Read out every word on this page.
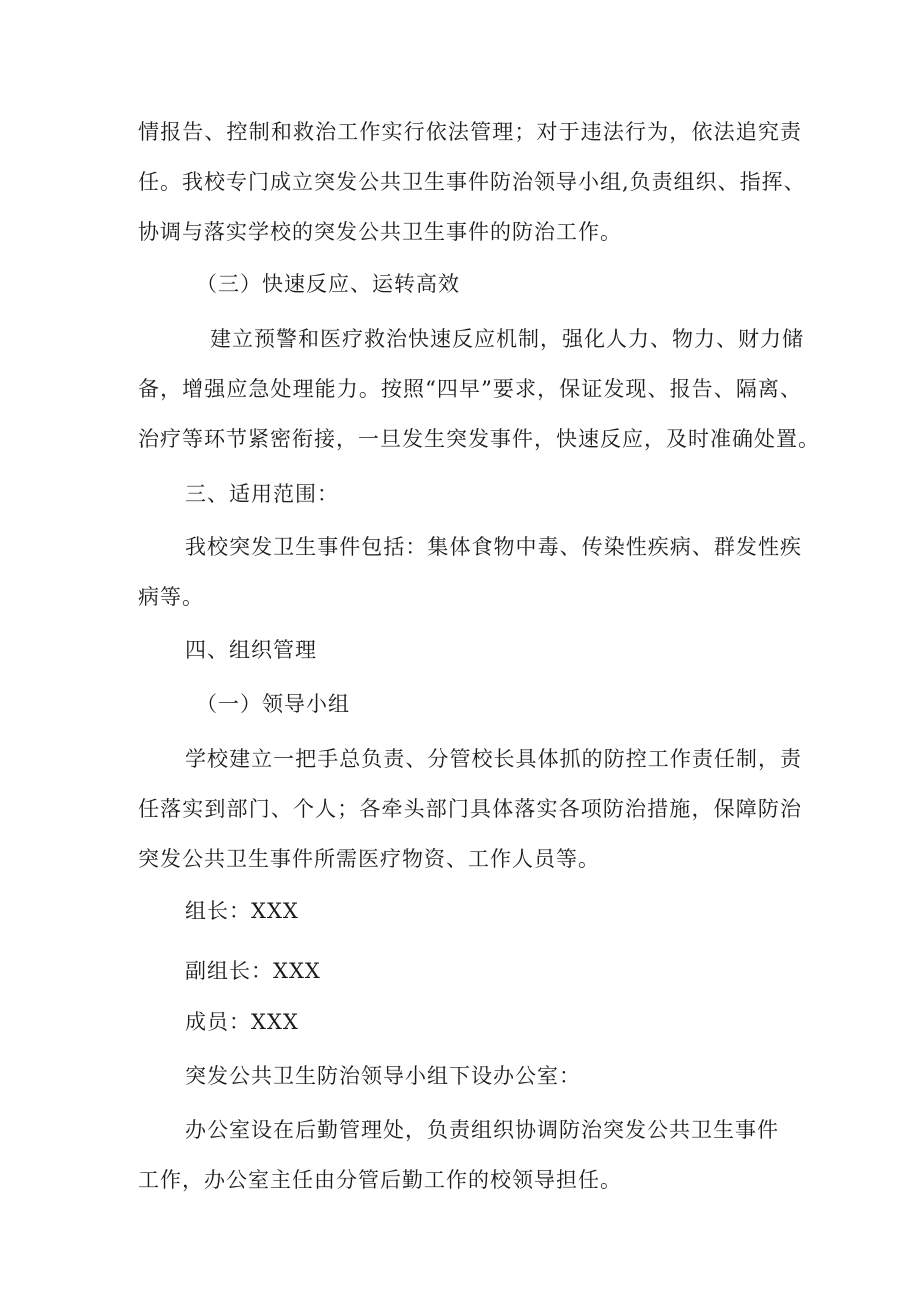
情报告、控制和救治工作实行依法管理；对于违法行为，依法追究责
任。我校专门成立突发公共卫生事件防治领导小组,负责组织、指挥、
协调与落实学校的突发公共卫生事件的防治工作。
（三）快速反应、运转高效
建立预警和医疗救治快速反应机制，强化人力、物力、财力储
备，增强应急处理能力。按照“四早”要求，保证发现、报告、隔离、
治疗等环节紧密衔接，一旦发生突发事件，快速反应，及时准确处置。
三、适用范围：
我校突发卫生事件包括：集体食物中毒、传染性疾病、群发性疾
病等。
四、组织管理
（一）领导小组
学校建立一把手总负责、分管校长具体抓的防控工作责任制，责
任落实到部门、个人；各牵头部门具体落实各项防治措施，保障防治
突发公共卫生事件所需医疗物资、工作人员等。
组长：XXX
副组长：XXX
成员：XXX
突发公共卫生防治领导小组下设办公室：
办公室设在后勤管理处，负责组织协调防治突发公共卫生事件
工作，办公室主任由分管后勤工作的校领导担任。
